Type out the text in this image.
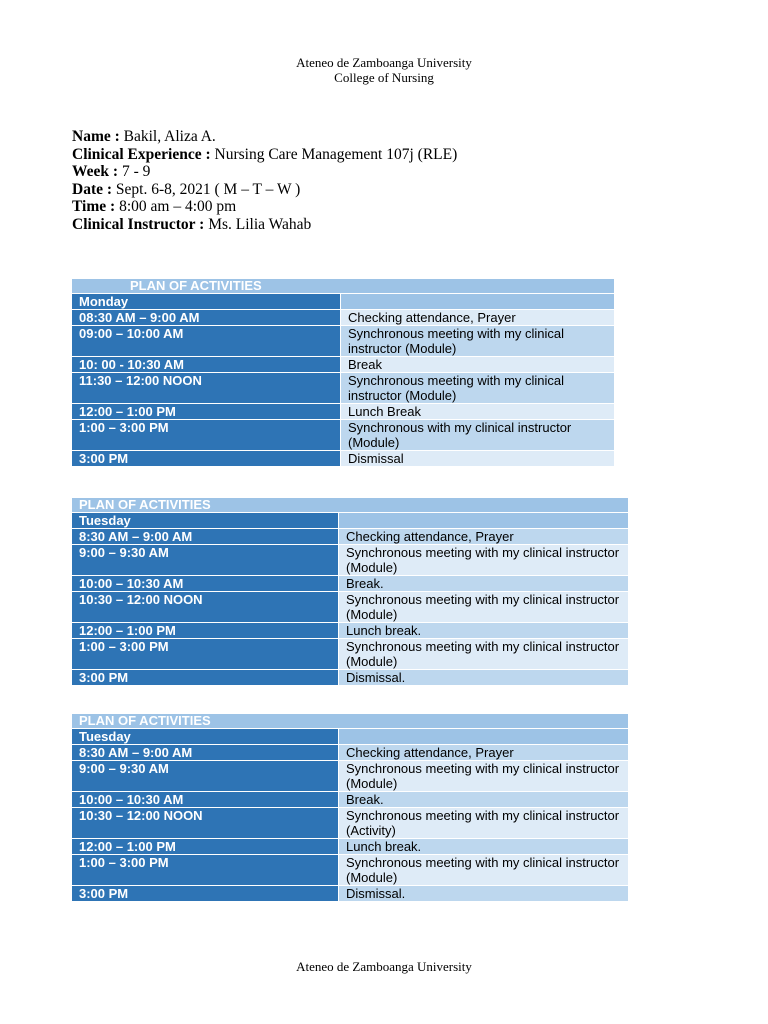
Ateneo de Zamboanga University
College of Nursing
Name : Bakil, Aliza A.
Clinical Experience : Nursing Care Management 107j (RLE)
Week : 7 - 9
Date : Sept. 6-8, 2021 ( M – T – W )
Time : 8:00 am – 4:00 pm
Clinical Instructor : Ms. Lilia Wahab
PLAN OF ACTIVITIES	
Monday	
08:30 AM – 9:00 AM	Checking attendance, Prayer
09:00 – 10:00 AM	Synchronous meeting with my clinical instructor (Module)
10: 00 - 10:30 AM	Break
11:30 – 12:00 NOON	Synchronous meeting with my clinical instructor (Module)
12:00 – 1:00 PM	Lunch Break
1:00 – 3:00 PM	Synchronous with my clinical instructor (Module)
3:00 PM	Dismissal
PLAN OF ACTIVITIES	
Tuesday	
8:30 AM – 9:00 AM	Checking attendance, Prayer
9:00 – 9:30 AM	Synchronous meeting with my clinical instructor (Module)
10:00 – 10:30 AM	Break.
10:30 – 12:00 NOON	Synchronous meeting with my clinical instructor (Module)
12:00 – 1:00 PM	Lunch break.
1:00 – 3:00 PM	Synchronous meeting with my clinical instructor (Module)
3:00 PM	Dismissal.
PLAN OF ACTIVITIES	
Tuesday	
8:30 AM – 9:00 AM	Checking attendance, Prayer
9:00 – 9:30 AM	Synchronous meeting with my clinical instructor (Module)
10:00 – 10:30 AM	Break.
10:30 – 12:00 NOON	Synchronous meeting with my clinical instructor (Activity)
12:00 – 1:00 PM	Lunch break.
1:00 – 3:00 PM	Synchronous meeting with my clinical instructor (Module)
3:00 PM	Dismissal.
Ateneo de Zamboanga University
